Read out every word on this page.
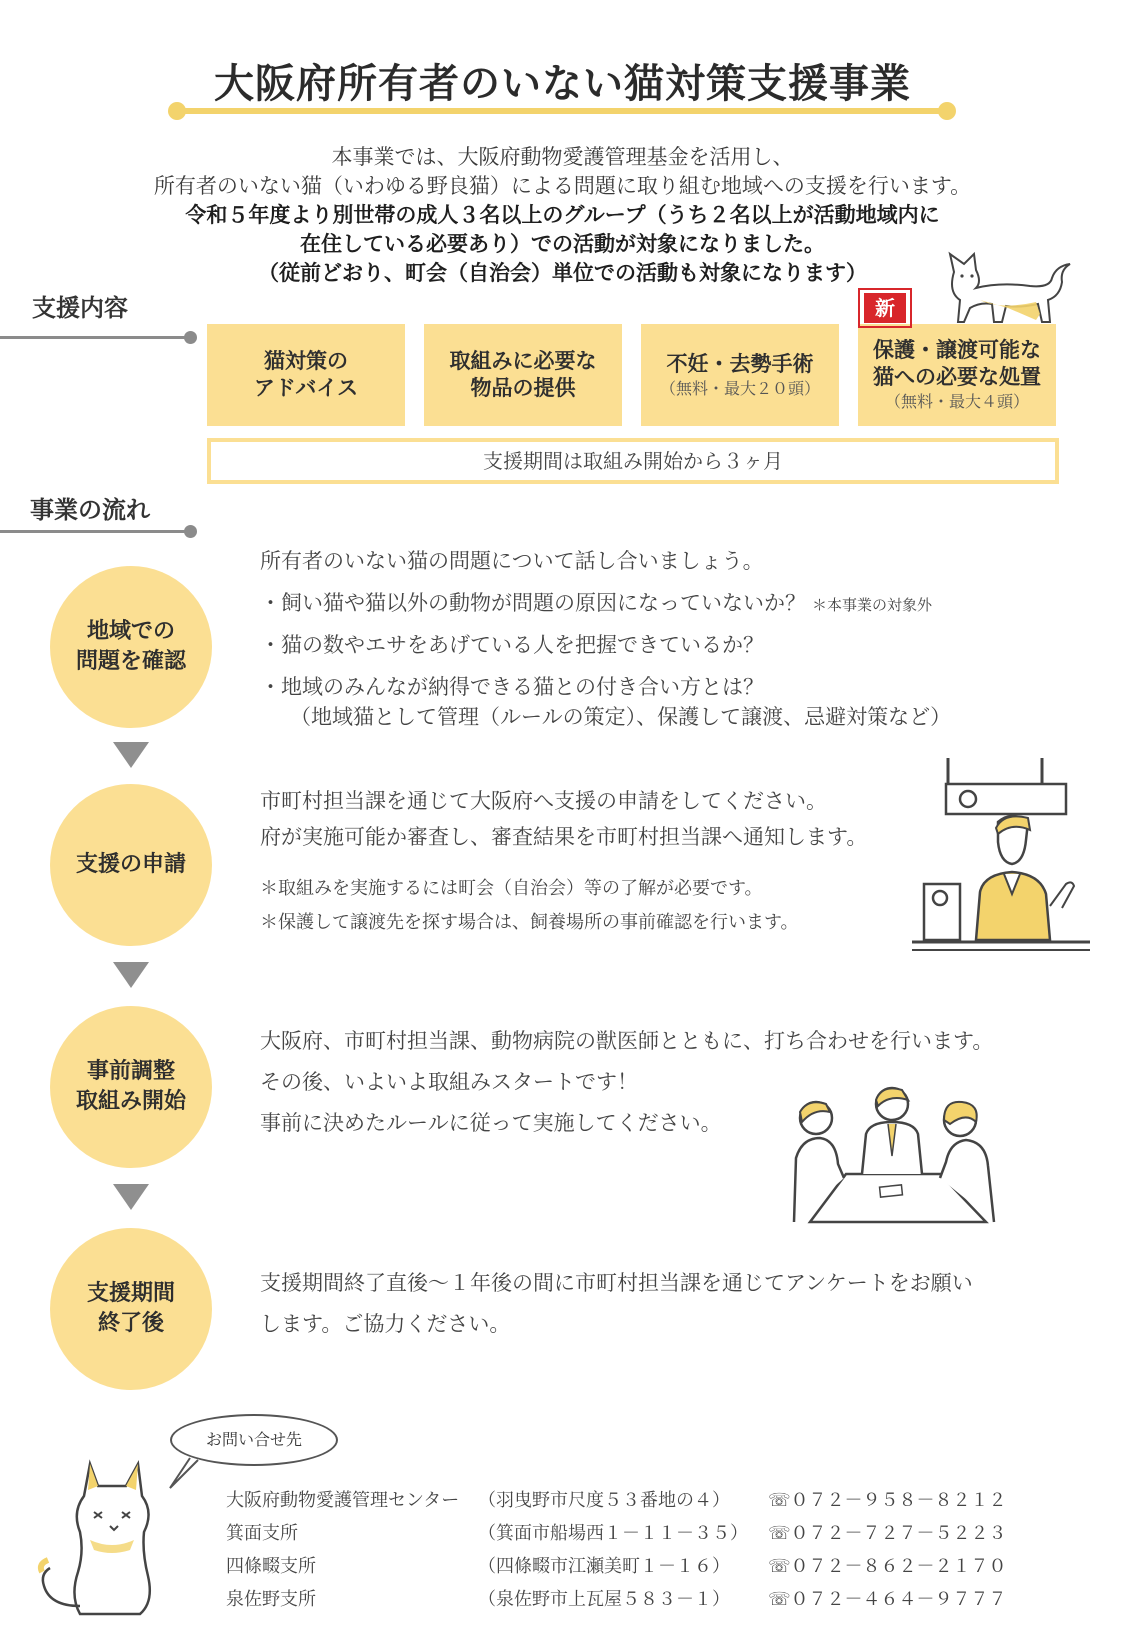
大阪府所有者のいない猫対策支援事業
本事業では、大阪府動物愛護管理基金を活用し、
所有者のいない猫（いわゆる野良猫）による問題に取り組む地域への支援を行います。
令和５年度より別世帯の成人３名以上のグループ（うち２名以上が活動地域内に
在住している必要あり）での活動が対象になりました。
（従前どおり、町会（自治会）単位での活動も対象になります）
支援内容
猫対策の
アドバイス
取組みに必要な
物品の提供
不妊・去勢手術
（無料・最大２０頭）
保護・譲渡可能な
猫への必要な処置
（無料・最大４頭）
新
支援期間は取組み開始から３ヶ月
事業の流れ
地域での
問題を確認
所有者のいない猫の問題について話し合いましょう。
・飼い猫や猫以外の動物が問題の原因になっていないか？ ＊本事業の対象外
・猫の数やエサをあげている人を把握できているか？
・地域のみんなが納得できる猫との付き合い方とは？
（地域猫として管理（ルールの策定）、保護して譲渡、忌避対策など）
支援の申請
市町村担当課を通じて大阪府へ支援の申請をしてください。
府が実施可能か審査し、審査結果を市町村担当課へ通知します。
＊取組みを実施するには町会（自治会）等の了解が必要です。
＊保護して譲渡先を探す場合は、飼養場所の事前確認を行います。
事前調整
取組み開始
大阪府、市町村担当課、動物病院の獣医師とともに、打ち合わせを行います。
その後、いよいよ取組みスタートです！
事前に決めたルールに従って実施してください。
支援期間
終了後
支援期間終了直後～１年後の間に市町村担当課を通じてアンケートをお願い
します。ご協力ください。
お問い合せ先
大阪府動物愛護管理センター （羽曳野市尺度５３番地の４） ☏０７２－９５８－８２１２
箕面支所	（箕面市船場西１－１１－３５） ☏０７２－７２７－５２２３
四條畷支所	（四條畷市江瀬美町１－１６） ☏０７２－８６２－２１７０
泉佐野支所	（泉佐野市上瓦屋５８３－１） ☏０７２－４６４－９７７７
